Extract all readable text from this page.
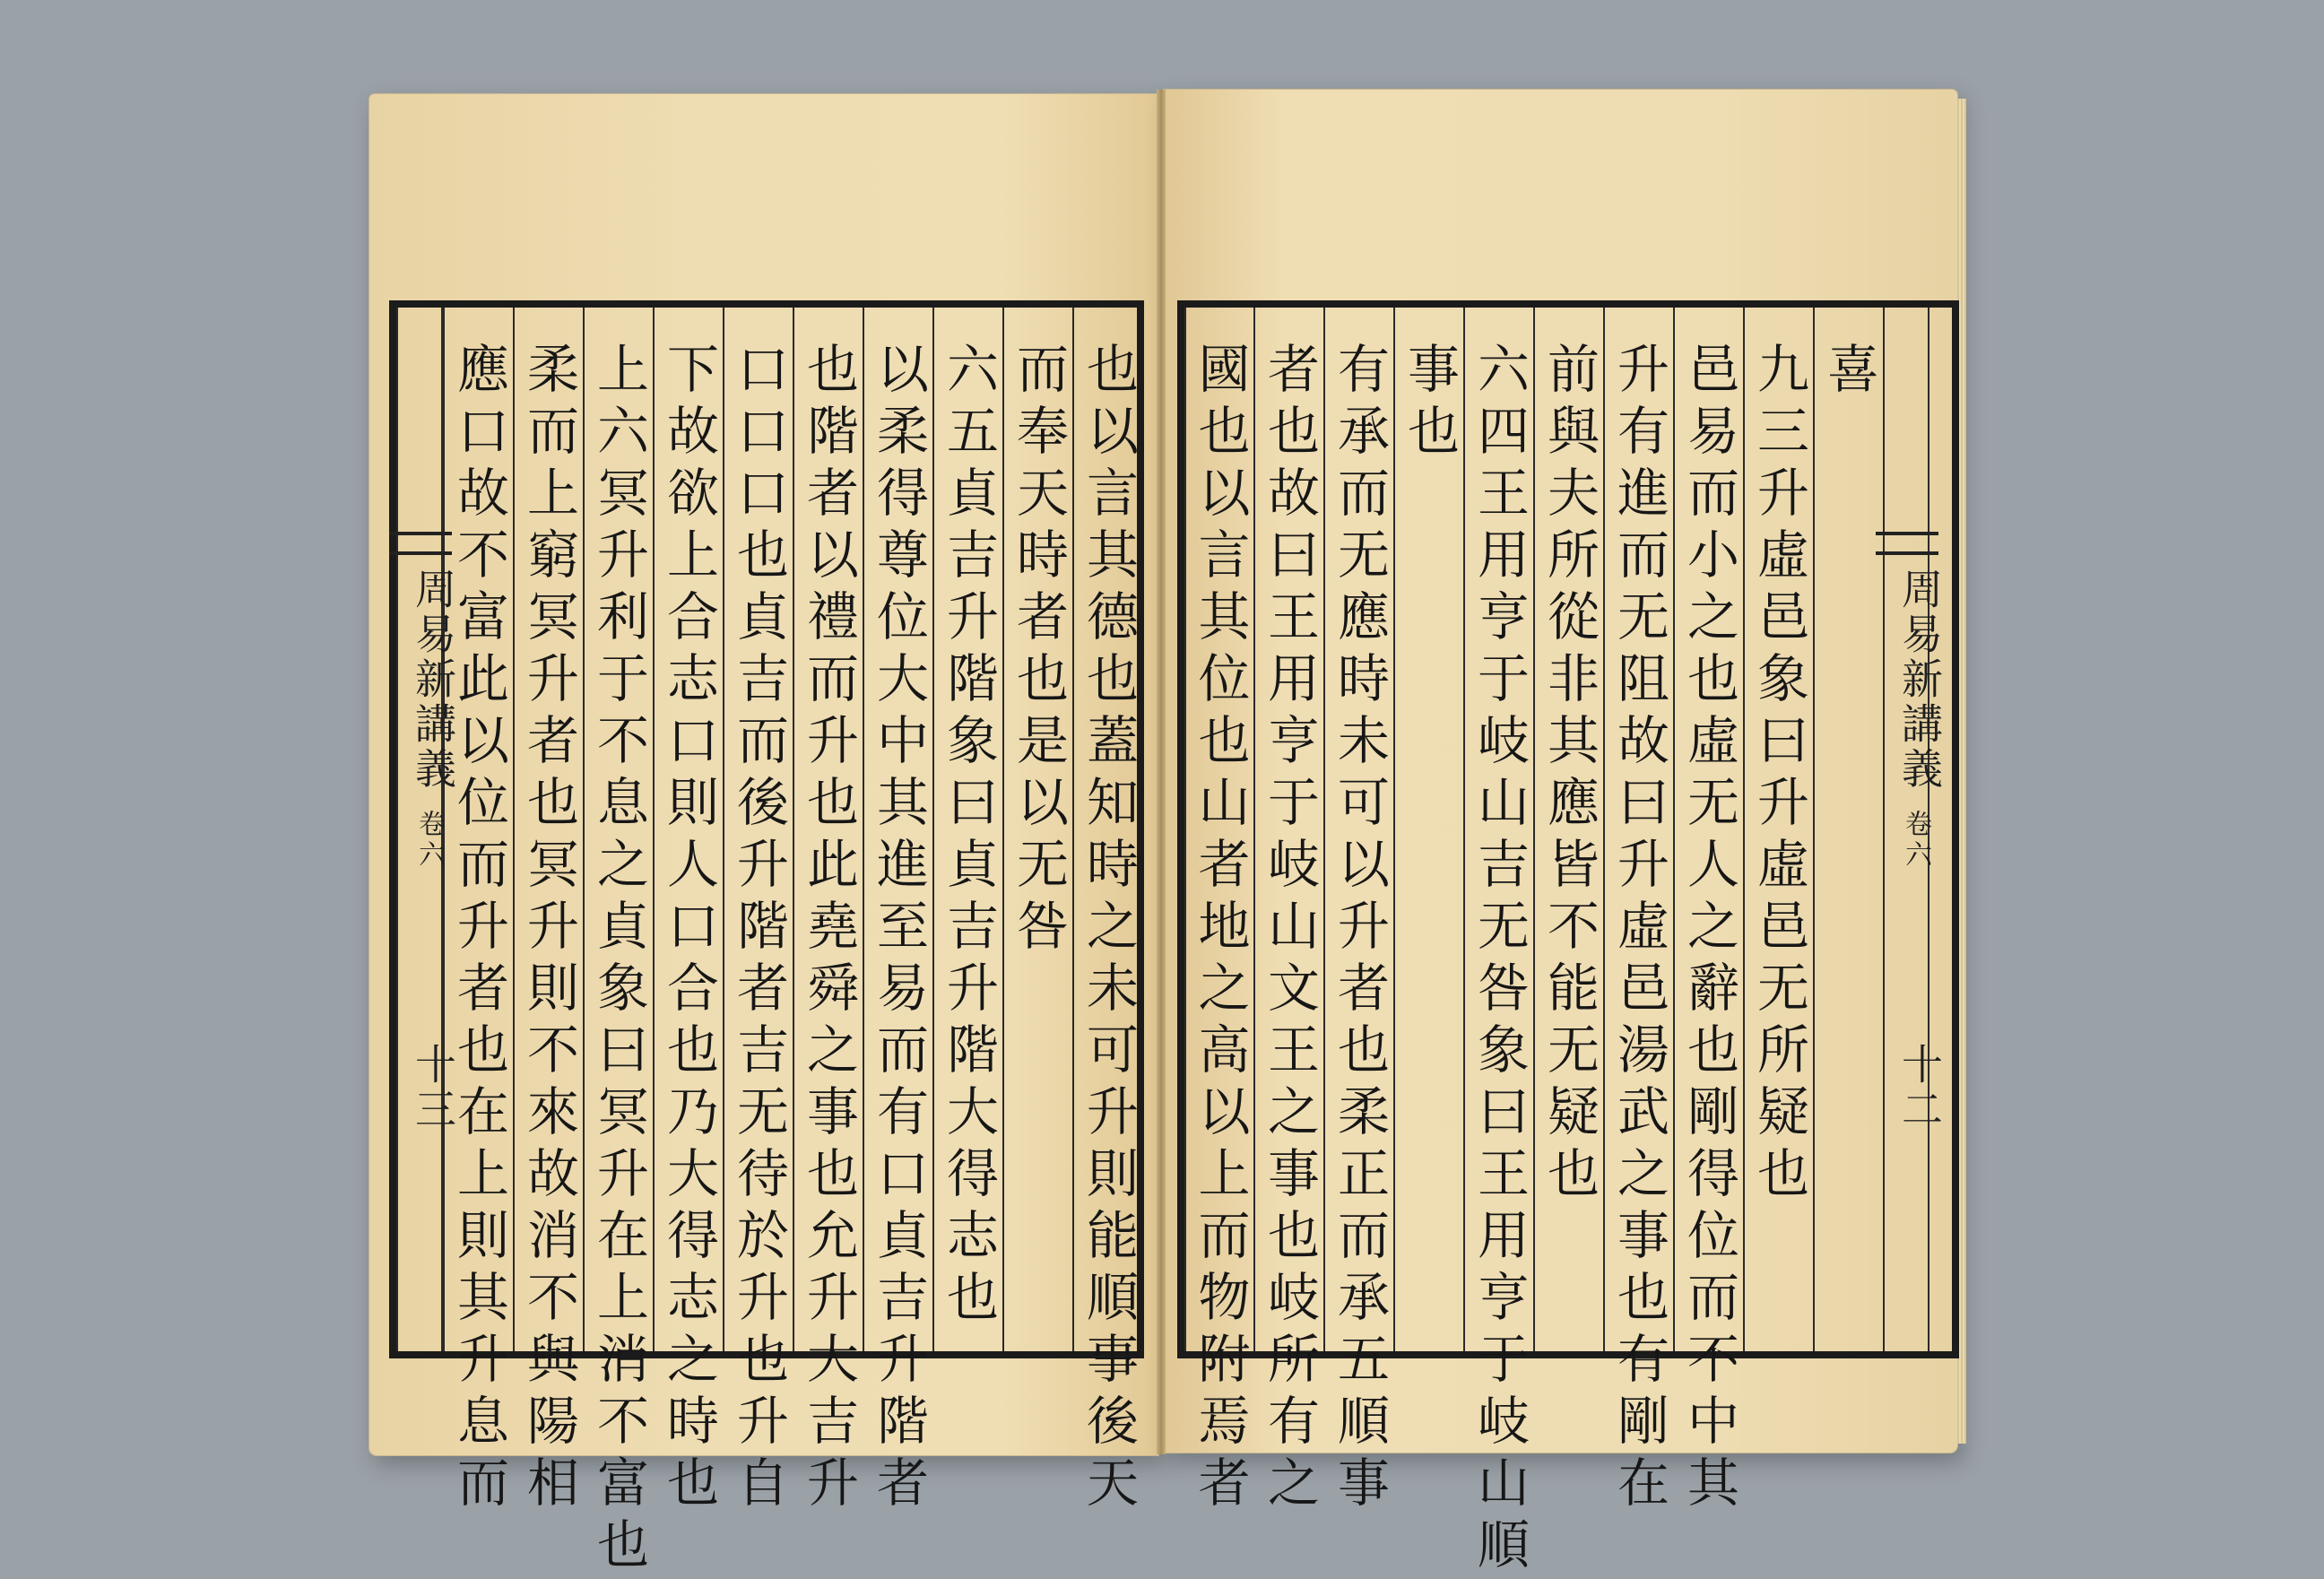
也以言其德也蓋知時之未可升則能順事後天
而奉天時者也是以无咎
六五貞吉升階象曰貞吉升階大得志也
以柔得尊位大中其進至易而有口貞吉升階者
也階者以禮而升也此堯舜之事也允升大吉升
口口口也貞吉而後升階者吉无待於升也升自
下故欲上合志口則人口合也乃大得志之時也
上六冥升利于不息之貞象曰冥升在上消不富也
柔而上窮冥升者也冥升則不來故消不與陽相
應口故不富此以位而升者也在上則其升息而
周易新講義
卷六
十三
周易新講義
卷六
十二
喜
九三升虛邑象曰升虛邑无所疑也
邑易而小之也虛无人之辭也剛得位而不中其
升有進而无阻故曰升虛邑湯武之事也有剛在
前與夫所從非其應皆不能无疑也
六四王用亨于岐山吉无咎象曰王用亨于岐山順
事也
有承而无應時未可以升者也柔正而承五順事
者也故曰王用亨于岐山文王之事也岐所有之
國也以言其位也山者地之高以上而物附焉者
